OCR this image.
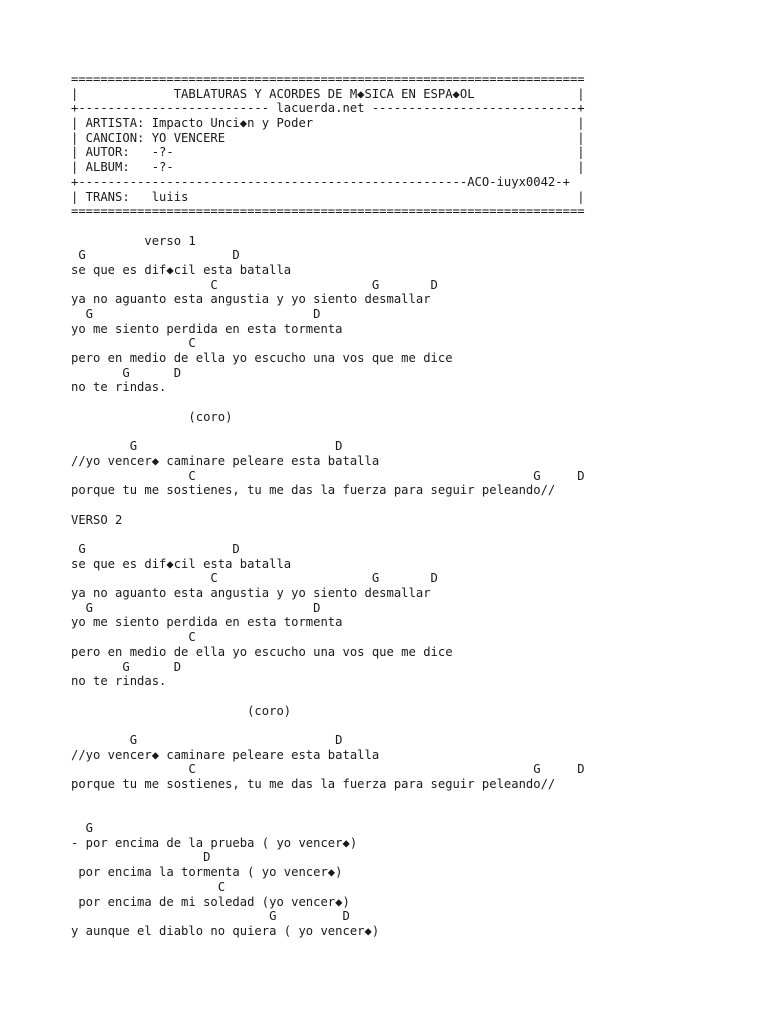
======================================================================
|             TABLATURAS Y ACORDES DE M◆SICA EN ESPA◆OL              |
+-------------------------- lacuerda.net ----------------------------+
| ARTISTA: Impacto Unci◆n y Poder                                    |
| CANCION: YO VENCERE                                                |
| AUTOR:   -?-                                                       |
| ALBUM:   -?-                                                       |
+-----------------------------------------------------ACO-iuyx0042-+
| TRANS:   luiis                                                     |
======================================================================
verso 1
G                    D
se que es dif◆cil esta batalla
C                     G       D
ya no aguanto esta angustia y yo siento desmallar
G                              D
yo me siento perdida en esta tormenta
C
pero en medio de ella yo escucho una vos que me dice
G      D
no te rindas.
(coro)
G                           D
//yo vencer◆ caminare peleare esta batalla
C                                              G     D
porque tu me sostienes, tu me das la fuerza para seguir peleando//
VERSO 2
G                    D
se que es dif◆cil esta batalla
C                     G       D
ya no aguanto esta angustia y yo siento desmallar
G                              D
yo me siento perdida en esta tormenta
C
pero en medio de ella yo escucho una vos que me dice
G      D
no te rindas.
(coro)
G                           D
//yo vencer◆ caminare peleare esta batalla
C                                              G     D
porque tu me sostienes, tu me das la fuerza para seguir peleando//
G
- por encima de la prueba ( yo vencer◆)
D
por encima la tormenta ( yo vencer◆)
C
por encima de mi soledad (yo vencer◆)
G         D
y aunque el diablo no quiera ( yo vencer◆)
